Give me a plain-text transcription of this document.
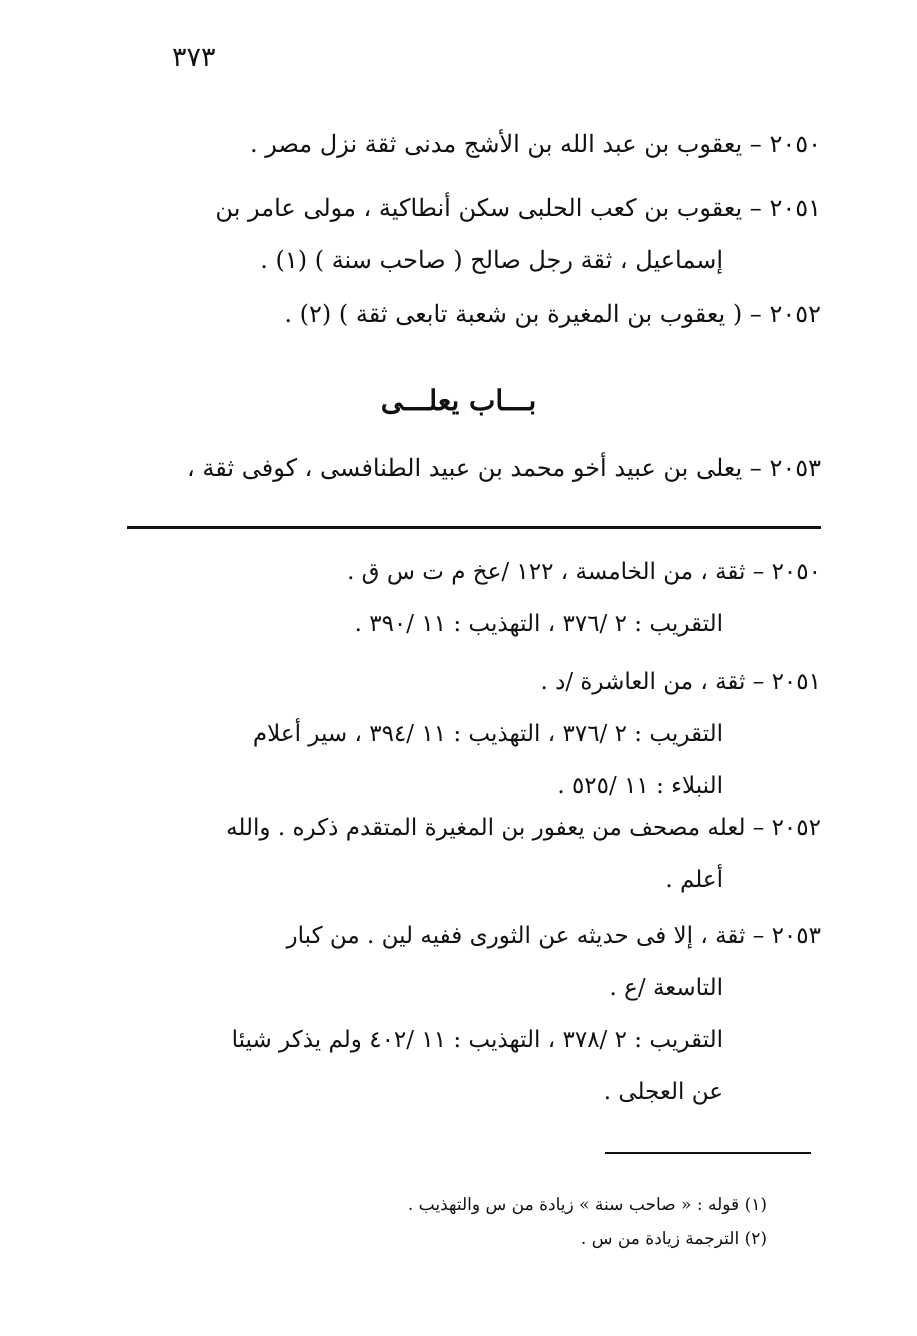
٣٧٣
٢٠٥٠ – يعقوب بن عبد الله بن الأشج مدنى ثقة نزل مصر .
٢٠٥١ – يعقوب بن كعب الحلبى سكن أنطاكية ، مولى عامر بن
إسماعيل ، ثقة رجل صالح ( صاحب سنة ) (١) .
٢٠٥٢ – ( يعقوب بن المغيرة بن شعبة تابعى ثقة ) (٢) .
بـــاب يعلـــى
٢٠٥٣ – يعلى بن عبيد أخو محمد بن عبيد الطنافسى ، كوفى ثقة ،
٢٠٥٠ – ثقة ، من الخامسة ، ١٢٢ /عخ م ت س ق .
التقريب : ٢ /٣٧٦ ، التهذيب : ١١ /٣٩٠ .
٢٠٥١ – ثقة ، من العاشرة /د .
التقريب : ٢ /٣٧٦ ، التهذيب : ١١ /٣٩٤ ، سير أعلام
النبلاء : ١١ /٥٢٥ .
٢٠٥٢ – لعله مصحف من يعفور بن المغيرة المتقدم ذكره . والله
أعلم .
٢٠٥٣ – ثقة ، إلا فى حديثه عن الثورى ففيه لين . من كبار
التاسعة /ع .
التقريب : ٢ /٣٧٨ ، التهذيب : ١١ /٤٠٢ ولم يذكر شيئا
عن العجلى .
(١) قوله : « صاحب سنة » زيادة من س والتهذيب .
(٢) الترجمة زيادة من س .
